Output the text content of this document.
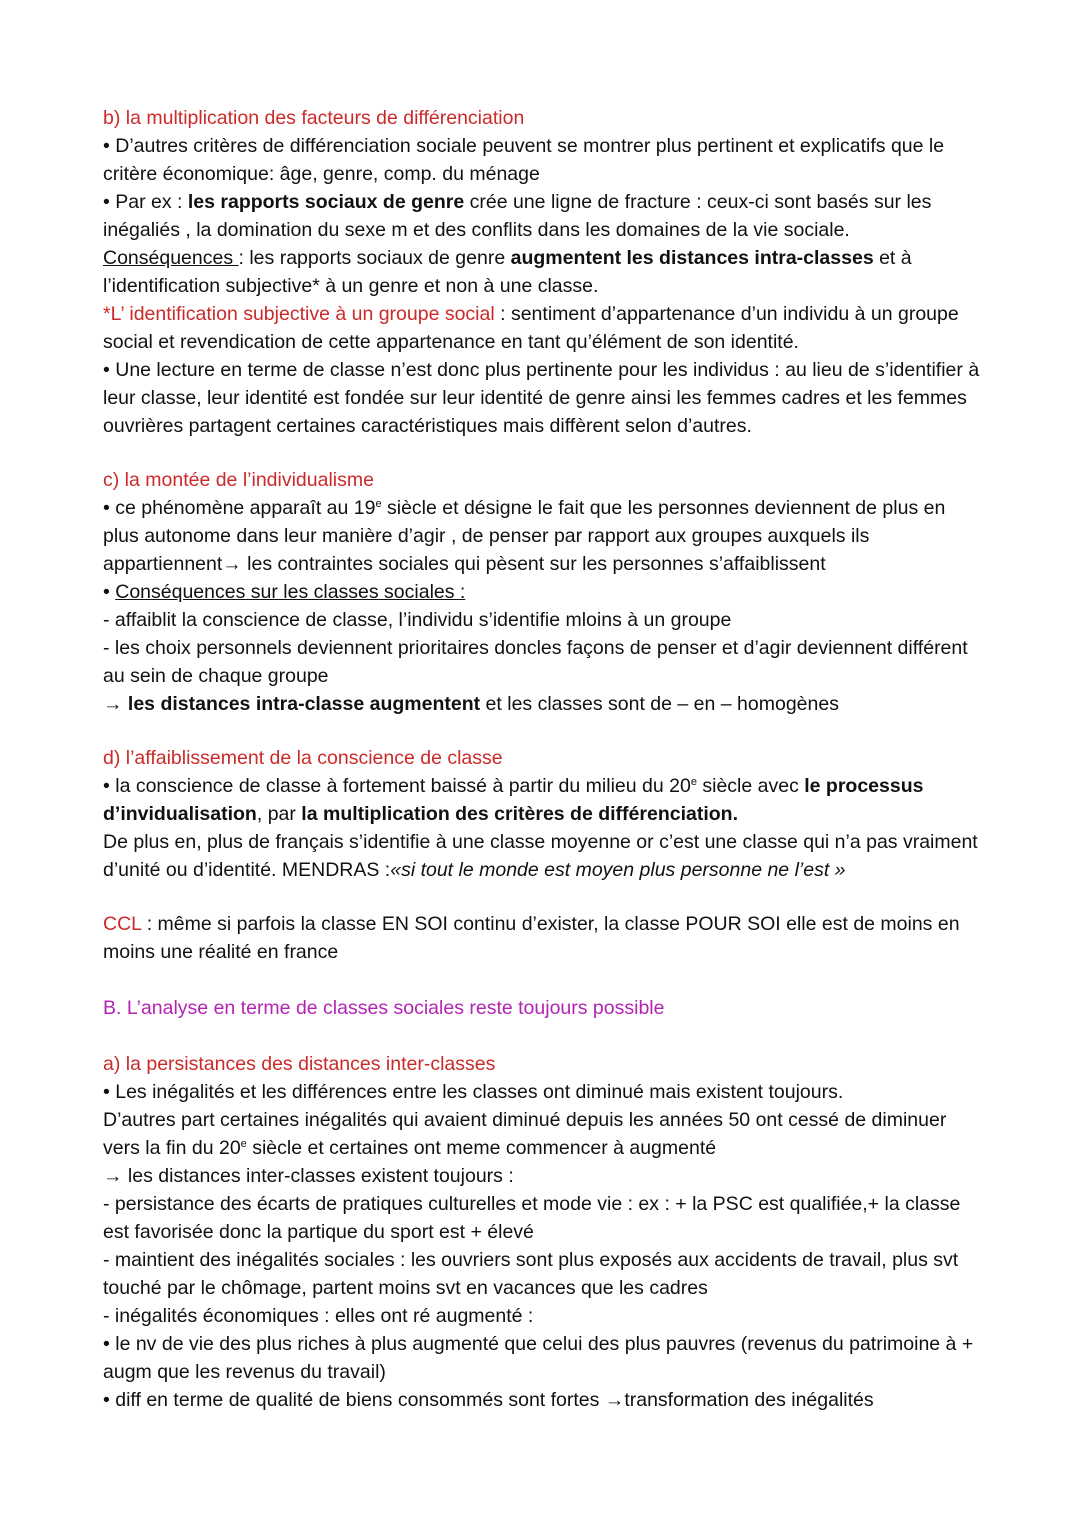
b) la multiplication des facteurs de différenciation

• D’autres critères de différenciation sociale peuvent se montrer plus pertinent et explicatifs que le critère économique: âge, genre, comp. du ménage

• Par ex : les rapports sociaux de genre crée une ligne de fracture : ceux-ci sont basés sur les inégaliés , la domination du sexe m et des conflits dans les domaines de la vie sociale.

Conséquences : les rapports sociaux de genre augmentent les distances intra-classes et à l’identification subjective* à un genre et non à une classe.

*L’ identification subjective à un groupe social : sentiment d’appartenance d’un individu à un groupe social et revendication de cette appartenance en tant qu’élément de son identité.

• Une lecture en terme de classe n’est donc plus pertinente pour les individus : au lieu de s’identifier à leur classe, leur identité est fondée sur leur identité de genre ainsi les femmes cadres et les femmes ouvrières partagent certaines caractéristiques mais diffèrent selon d’autres.

c) la montée de l’individualisme

• ce phénomène apparaît au 19e siècle et désigne le fait que les personnes deviennent de plus en plus autonome dans leur manière d’agir , de penser par rapport aux groupes auxquels ils appartiennent→ les contraintes sociales qui pèsent sur les personnes s’affaiblissent

• Conséquences sur les classes sociales :

- affaiblit la conscience de classe, l’individu s’identifie mloins à un groupe

- les choix personnels deviennent prioritaires doncles façons de penser et d’agir deviennent différent au sein de chaque groupe

→ les distances intra-classe augmentent et les classes sont de – en – homogènes

d) l’affaiblissement de la conscience de classe

• la conscience de classe à fortement baissé à partir du milieu du 20e siècle avec le processus d’invidualisation, par la multiplication des critères de différenciation.

De plus en, plus de français s’identifie à une classe moyenne or c’est une classe qui n’a pas vraiment d’unité ou d’identité. MENDRAS :«si tout le monde est moyen plus personne ne l’est »

CCL : même si parfois la classe EN SOI continu d’exister, la classe POUR SOI elle est de moins en moins une réalité en france

B. L’analyse en terme de classes sociales reste toujours possible

a) la persistances des distances inter-classes

• Les inégalités et les différences entre les classes ont diminué mais existent toujours.

D’autres part certaines inégalités qui avaient diminué depuis les années 50 ont cessé de diminuer vers la fin du 20e siècle et certaines ont meme commencer à augmenté

→ les distances inter-classes existent toujours :

- persistance des écarts de pratiques culturelles et mode vie : ex : + la PSC est qualifiée,+ la classe est favorisée donc la partique du sport est + élevé

- maintient des inégalités sociales : les ouvriers sont plus exposés aux accidents de travail, plus svt touché par le chômage, partent moins svt en vacances que les cadres

- inégalités économiques : elles ont ré augmenté :

• le nv de vie des plus riches à plus augmenté que celui des plus pauvres (revenus du patrimoine à + augm que les revenus du travail)

• diff en terme de qualité de biens consommés sont fortes →transformation des inégalités
